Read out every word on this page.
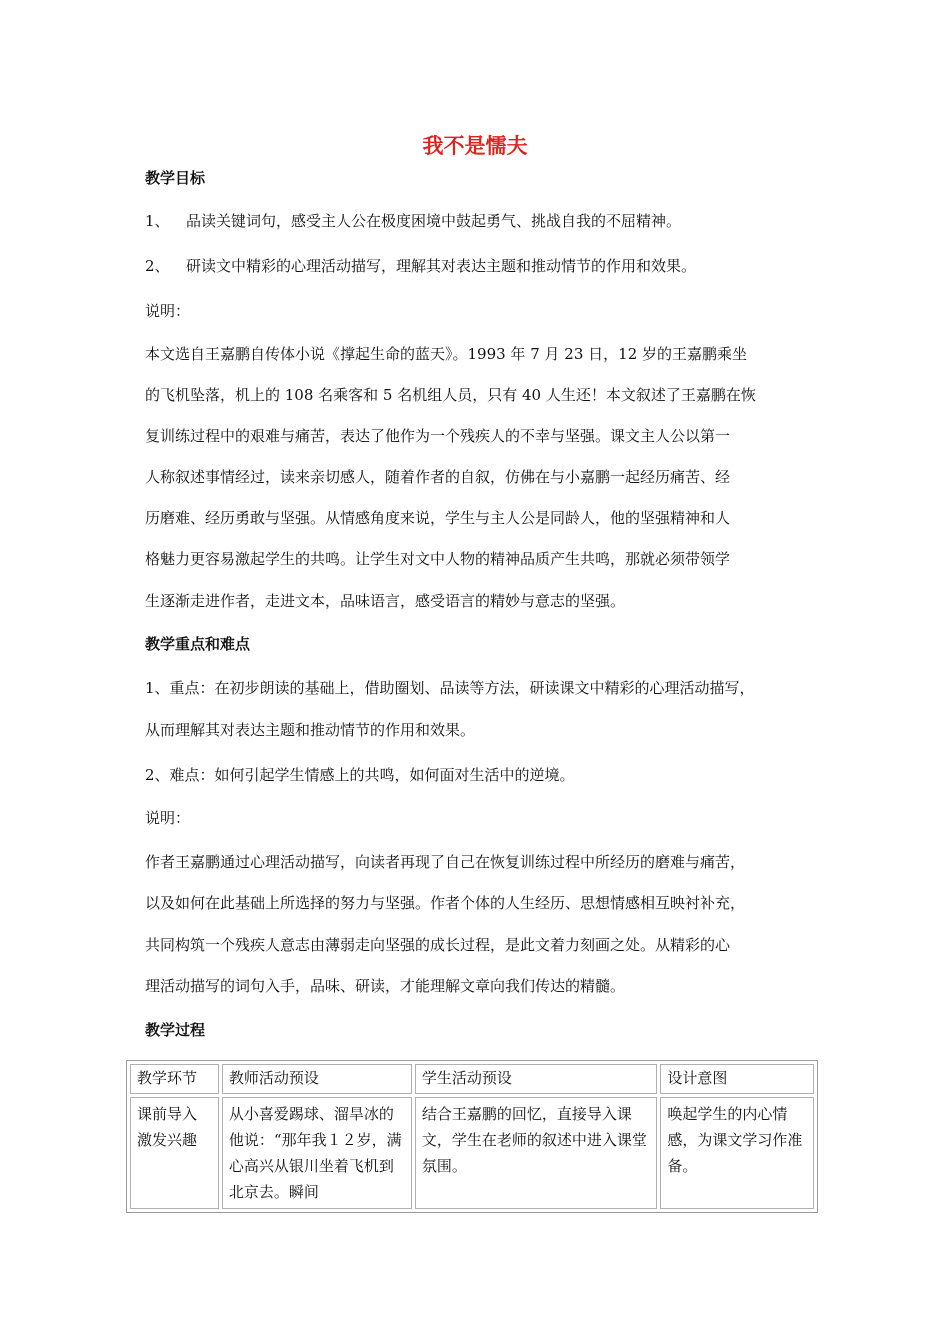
我不是懦夫
教学目标
1、 品读关键词句，感受主人公在极度困境中鼓起勇气、挑战自我的不屈精神。
2、 研读文中精彩的心理活动描写，理解其对表达主题和推动情节的作用和效果。
说明：
本文选自王嘉鹏自传体小说《撑起生命的蓝天》。1993 年 7 月 23 日，12 岁的王嘉鹏乘坐
的飞机坠落，机上的 108 名乘客和 5 名机组人员，只有 40 人生还！本文叙述了王嘉鹏在恢
复训练过程中的艰难与痛苦，表达了他作为一个残疾人的不幸与坚强。课文主人公以第一
人称叙述事情经过，读来亲切感人，随着作者的自叙，仿佛在与小嘉鹏一起经历痛苦、经
历磨难、经历勇敢与坚强。从情感角度来说，学生与主人公是同龄人，他的坚强精神和人
格魅力更容易激起学生的共鸣。让学生对文中人物的精神品质产生共鸣，那就必须带领学
生逐渐走进作者，走进文本，品味语言，感受语言的精妙与意志的坚强。
教学重点和难点
1、重点：在初步朗读的基础上，借助圈划、品读等方法，研读课文中精彩的心理活动描写，
从而理解其对表达主题和推动情节的作用和效果。
2、难点：如何引起学生情感上的共鸣，如何面对生活中的逆境。
说明：
作者王嘉鹏通过心理活动描写，向读者再现了自己在恢复训练过程中所经历的磨难与痛苦，
以及如何在此基础上所选择的努力与坚强。作者个体的人生经历、思想情感相互映衬补充，
共同构筑一个残疾人意志由薄弱走向坚强的成长过程，是此文着力刻画之处。从精彩的心
理活动描写的词句入手，品味、研读，才能理解文章向我们传达的精髓。
教学过程
教学环节	教师活动预设	学生活动预设	设计意图

课前导入激发兴趣	从小喜爱踢球、溜旱冰的他说：“那年我１２岁，满心高兴从银川坐着飞机到北京去。瞬间	结合王嘉鹏的回忆，直接导入课文，学生在老师的叙述中进入课堂氛围。	唤起学生的内心情感，为课文学习作准备。
